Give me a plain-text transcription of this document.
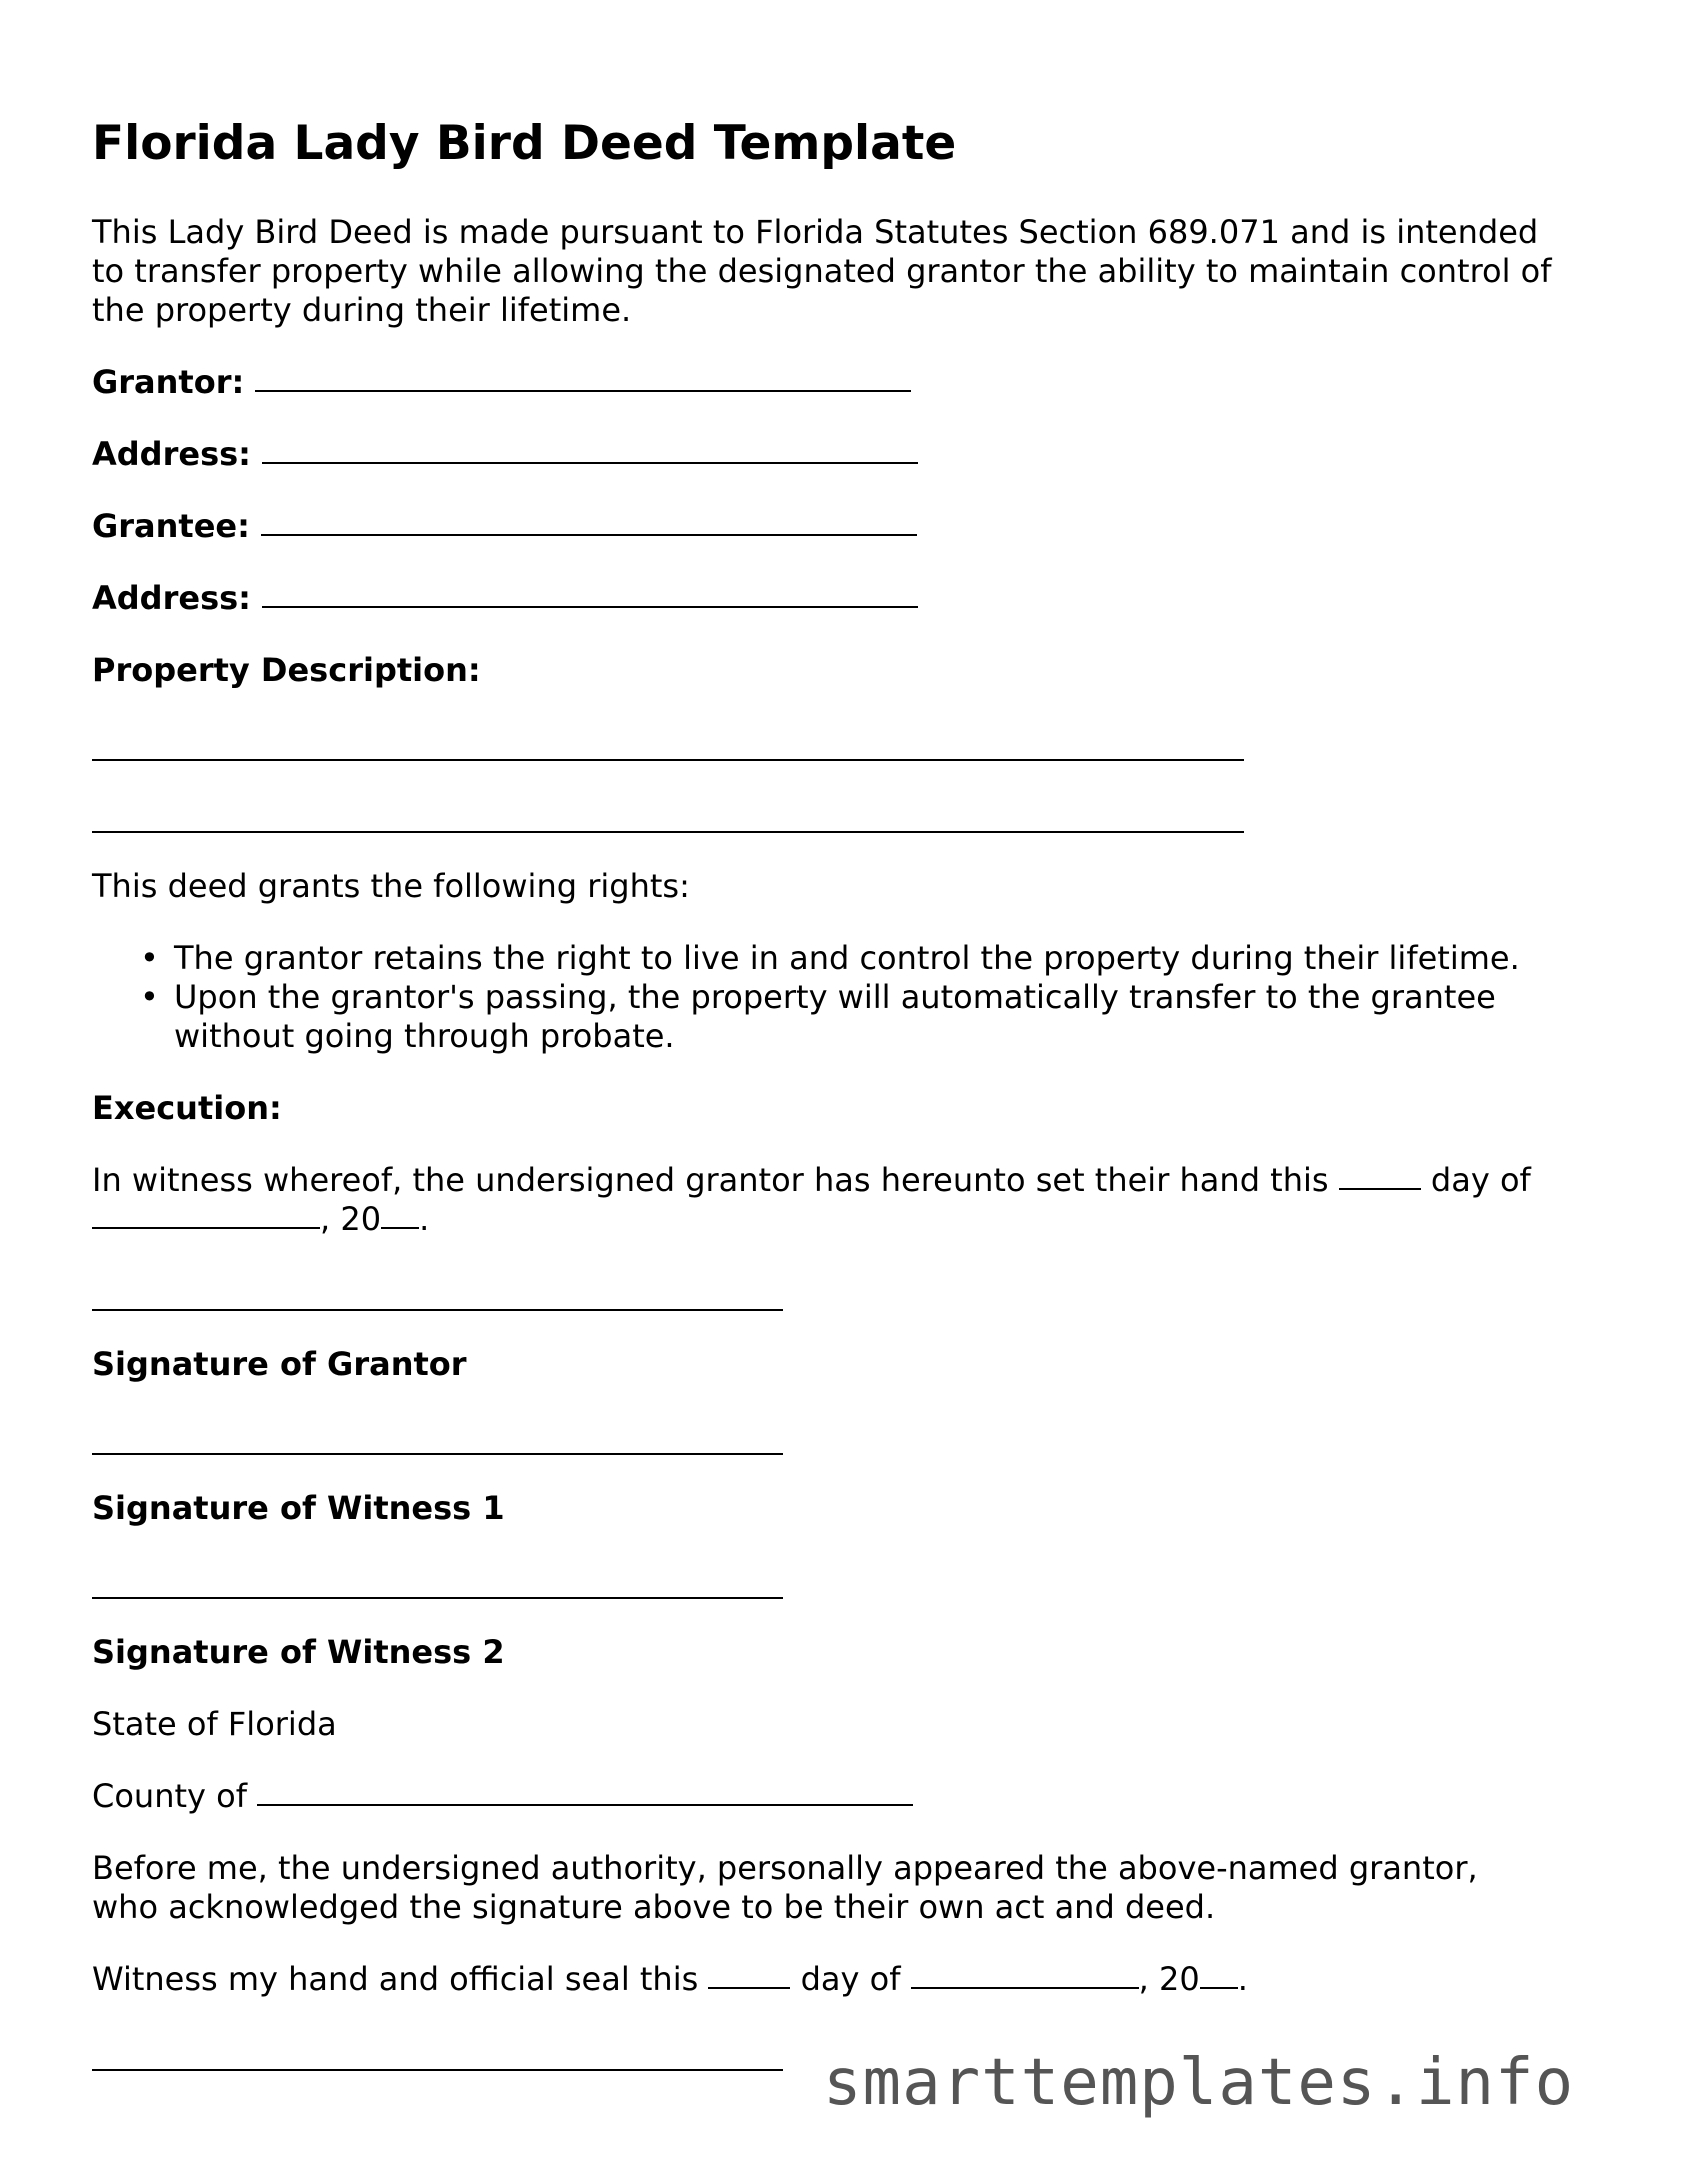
Florida Lady Bird Deed Template

This Lady Bird Deed is made pursuant to Florida Statutes Section 689.071 and is intended

to transfer property while allowing the designated grantor the ability to maintain control of

the property during their lifetime.

Grantor:

Address:

Grantee:

Address:

Property Description:

This deed grants the following rights:

• The grantor retains the right to live in and control the property during their lifetime.
• Upon the grantor's passing, the property will automatically transfer to the grantee
without going through probate.

Execution:

In witness whereof, the undersigned grantor has hereunto set their hand this	day of

, 20 .

Signature of Grantor

Signature of Witness 1

Signature of Witness 2

State of Florida

County of

Before me, the undersigned authority, personally appeared the above-named grantor,

who acknowledged the signature above to be their own act and deed.

Witness my hand and official seal this	day of	, 20 .

smarttemplates.info
